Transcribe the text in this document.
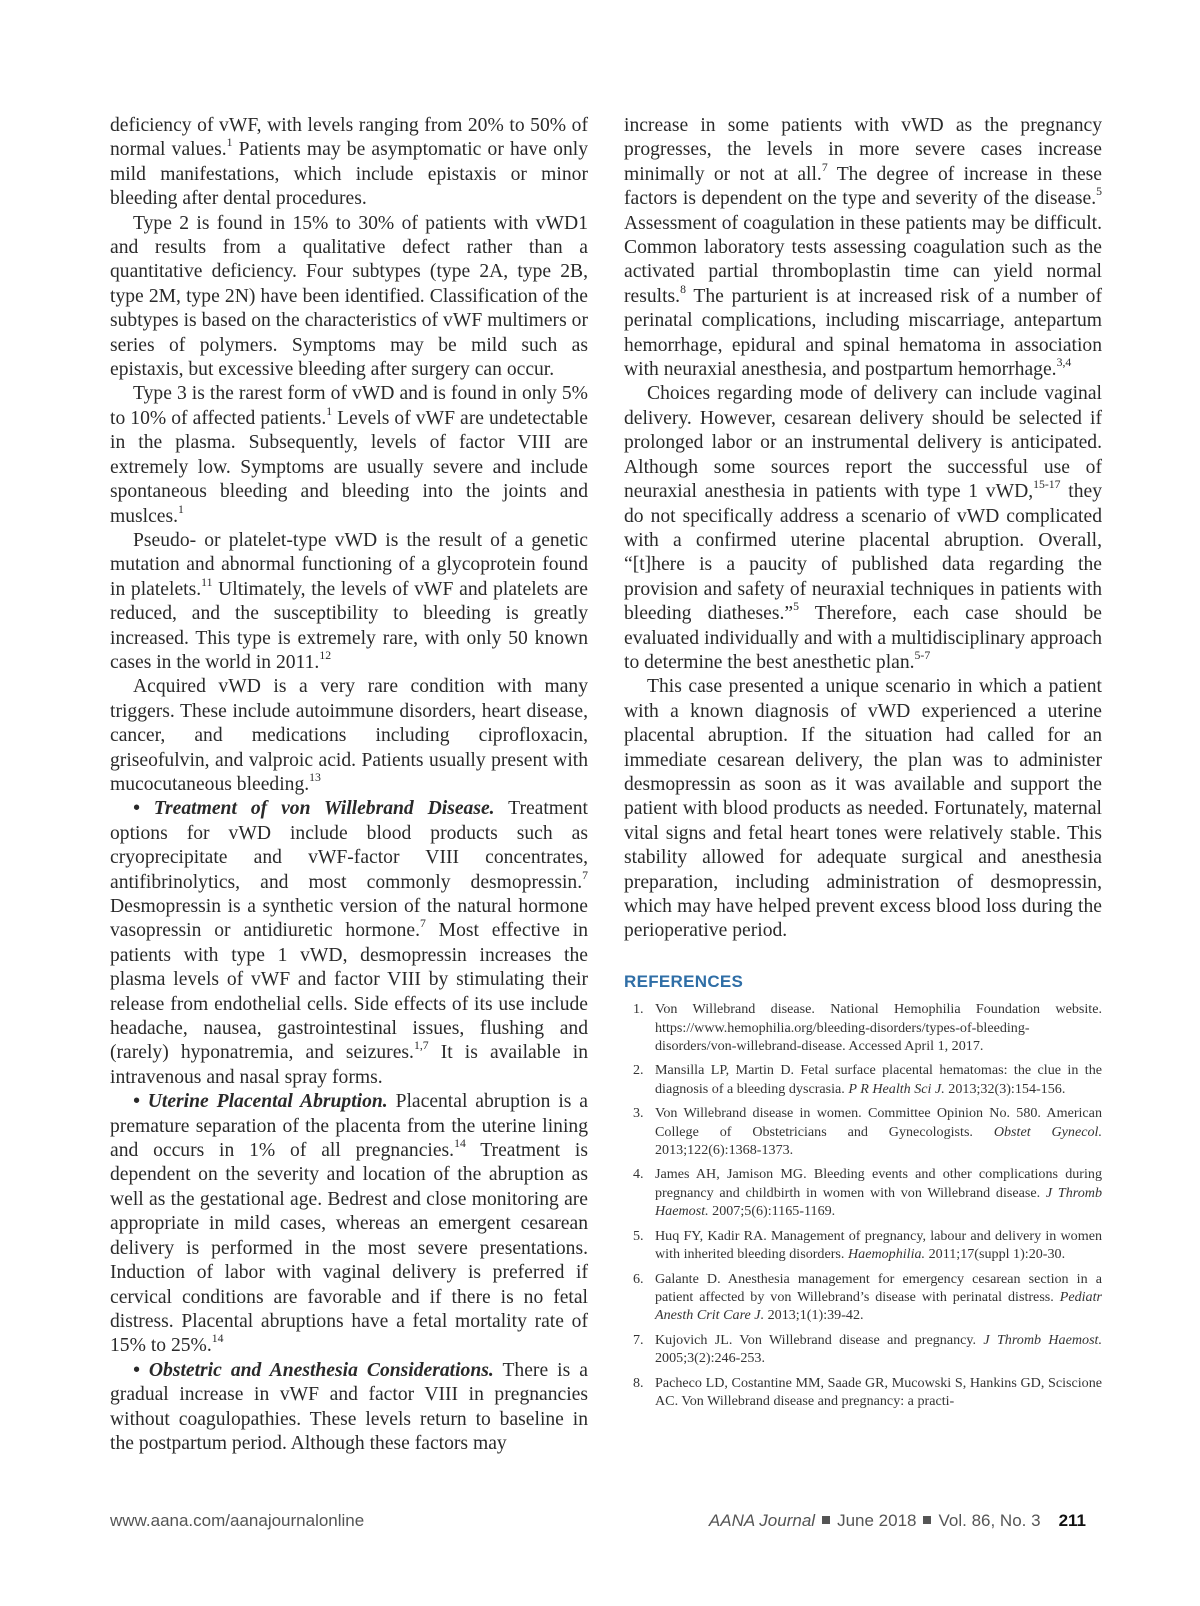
deficiency of vWF, with levels ranging from 20% to 50% of normal values.$^1$ Patients may be asymptomatic or have only mild manifestations, which include epistaxis or minor bleeding after dental procedures.

Type 2 is found in 15% to 30% of patients with vWD1 and results from a qualitative defect rather than a quantitative deficiency. Four subtypes (type 2A, type 2B, type 2M, type 2N) have been identified. Classification of the subtypes is based on the characteristics of vWF multimers or series of polymers. Symptoms may be mild such as epistaxis, but excessive bleeding after surgery can occur.

Type 3 is the rarest form of vWD and is found in only 5% to 10% of affected patients.$^1$ Levels of vWF are undetectable in the plasma. Subsequently, levels of factor VIII are extremely low. Symptoms are usually severe and include spontaneous bleeding and bleeding into the joints and muslces.$^1$

Pseudo- or platelet-type vWD is the result of a genetic mutation and abnormal functioning of a glycoprotein found in platelets.$^{11}$ Ultimately, the levels of vWF and platelets are reduced, and the susceptibility to bleeding is greatly increased. This type is extremely rare, with only 50 known cases in the world in 2011.12

Acquired vWD is a very rare condition with many triggers. These include autoimmune disorders, heart disease, cancer, and medications including ciprofloxacin, griseofulvin, and valproic acid. Patients usually present with mucocutaneous bleeding.$^{13}$

• Treatment of von Willebrand Disease. Treatment options for vWD include blood products such as cryoprecipitate and vWF-factor VIII concentrates, antifibrinolytics, and most commonly desmopressin.$^7$ Desmopressin is a synthetic version of the natural hormone vasopressin or antidiuretic hormone.$^7$ Most effective in patients with type 1 vWD, desmopressin increases the plasma levels of vWF and factor VIII by stimulating their release from endothelial cells. Side effects of its use include headache, nausea, gastrointestinal issues, flushing and (rarely) hyponatremia, and seizures.$^{1,7}$ It is available in intravenous and nasal spray forms.

• Uterine Placental Abruption. Placental abruption is a premature separation of the placenta from the uterine lining and occurs in 1% of all pregnancies.$^{14}$ Treatment is dependent on the severity and location of the abruption as well as the gestational age. Bedrest and close monitoring are appropriate in mild cases, whereas an emergent cesarean delivery is performed in the most severe presentations. Induction of labor with vaginal delivery is preferred if cervical conditions are favorable and if there is no fetal distress. Placental abruptions have a fetal mortality rate of 15% to 25%.$^{14}$

• Obstetric and Anesthesia Considerations. There is a gradual increase in vWF and factor VIII in pregnancies without coagulopathies. These levels return to baseline in the postpartum period. Although these factors may

increase in some patients with vWD as the pregnancy progresses, the levels in more severe cases increase minimally or not at all.$^7$ The degree of increase in these factors is dependent on the type and severity of the disease.$^5$ Assessment of coagulation in these patients may be difficult. Common laboratory tests assessing coagulation such as the activated partial thromboplastin time can yield normal results.$^8$ The parturient is at increased risk of a number of perinatal complications, including miscarriage, antepartum hemorrhage, epidural and spinal hematoma in association with neuraxial anesthesia, and postpartum hemorrhage.$^{3,4}$

Choices regarding mode of delivery can include vaginal delivery. However, cesarean delivery should be selected if prolonged labor or an instrumental delivery is anticipated. Although some sources report the successful use of neuraxial anesthesia in patients with type 1 vWD,$^{15-17}$ they do not specifically address a scenario of vWD complicated with a confirmed uterine placental abruption. Overall, “[t]here is a paucity of published data regarding the provision and safety of neuraxial techniques in patients with bleeding diatheses.”$^5$ Therefore, each case should be evaluated individually and with a multidisciplinary approach to determine the best anesthetic plan.$^{5-7}$

This case presented a unique scenario in which a patient with a known diagnosis of vWD experienced a uterine placental abruption. If the situation had called for an immediate cesarean delivery, the plan was to administer desmopressin as soon as it was available and support the patient with blood products as needed. Fortunately, maternal vital signs and fetal heart tones were relatively stable. This stability allowed for adequate surgical and anesthesia preparation, including administration of desmopressin, which may have helped prevent excess blood loss during the perioperative period.

REFERENCES
1. Von Willebrand disease. National Hemophilia Foundation website. https://www.hemophilia.org/bleeding-disorders/types-of-bleeding-disorders/von-willebrand-disease. Accessed April 1, 2017.
2. Mansilla LP, Martin D. Fetal surface placental hematomas: the clue in the diagnosis of a bleeding dyscrasia. P R Health Sci J. 2013;32(3):154-156.
3. Von Willebrand disease in women. Committee Opinion No. 580. American College of Obstetricians and Gynecologists. Obstet Gynecol. 2013;122(6):1368-1373.
4. James AH, Jamison MG. Bleeding events and other complications during pregnancy and childbirth in women with von Willebrand disease. J Thromb Haemost. 2007;5(6):1165-1169.
5. Huq FY, Kadir RA. Management of pregnancy, labour and delivery in women with inherited bleeding disorders. Haemophilia. 2011;17(suppl 1):20-30.
6. Galante D. Anesthesia management for emergency cesarean section in a patient affected by von Willebrand’s disease with perinatal distress. Pediatr Anesth Crit Care J. 2013;1(1):39-42.
7. Kujovich JL. Von Willebrand disease and pregnancy. J Thromb Haemost. 2005;3(2):246-253.
8. Pacheco LD, Costantine MM, Saade GR, Mucowski S, Hankins GD, Sciscione AC. Von Willebrand disease and pregnancy: a practi-
www.aana.com/aanajournalonline	AANA Journal June 2018 Vol. 86, No. 3 211
